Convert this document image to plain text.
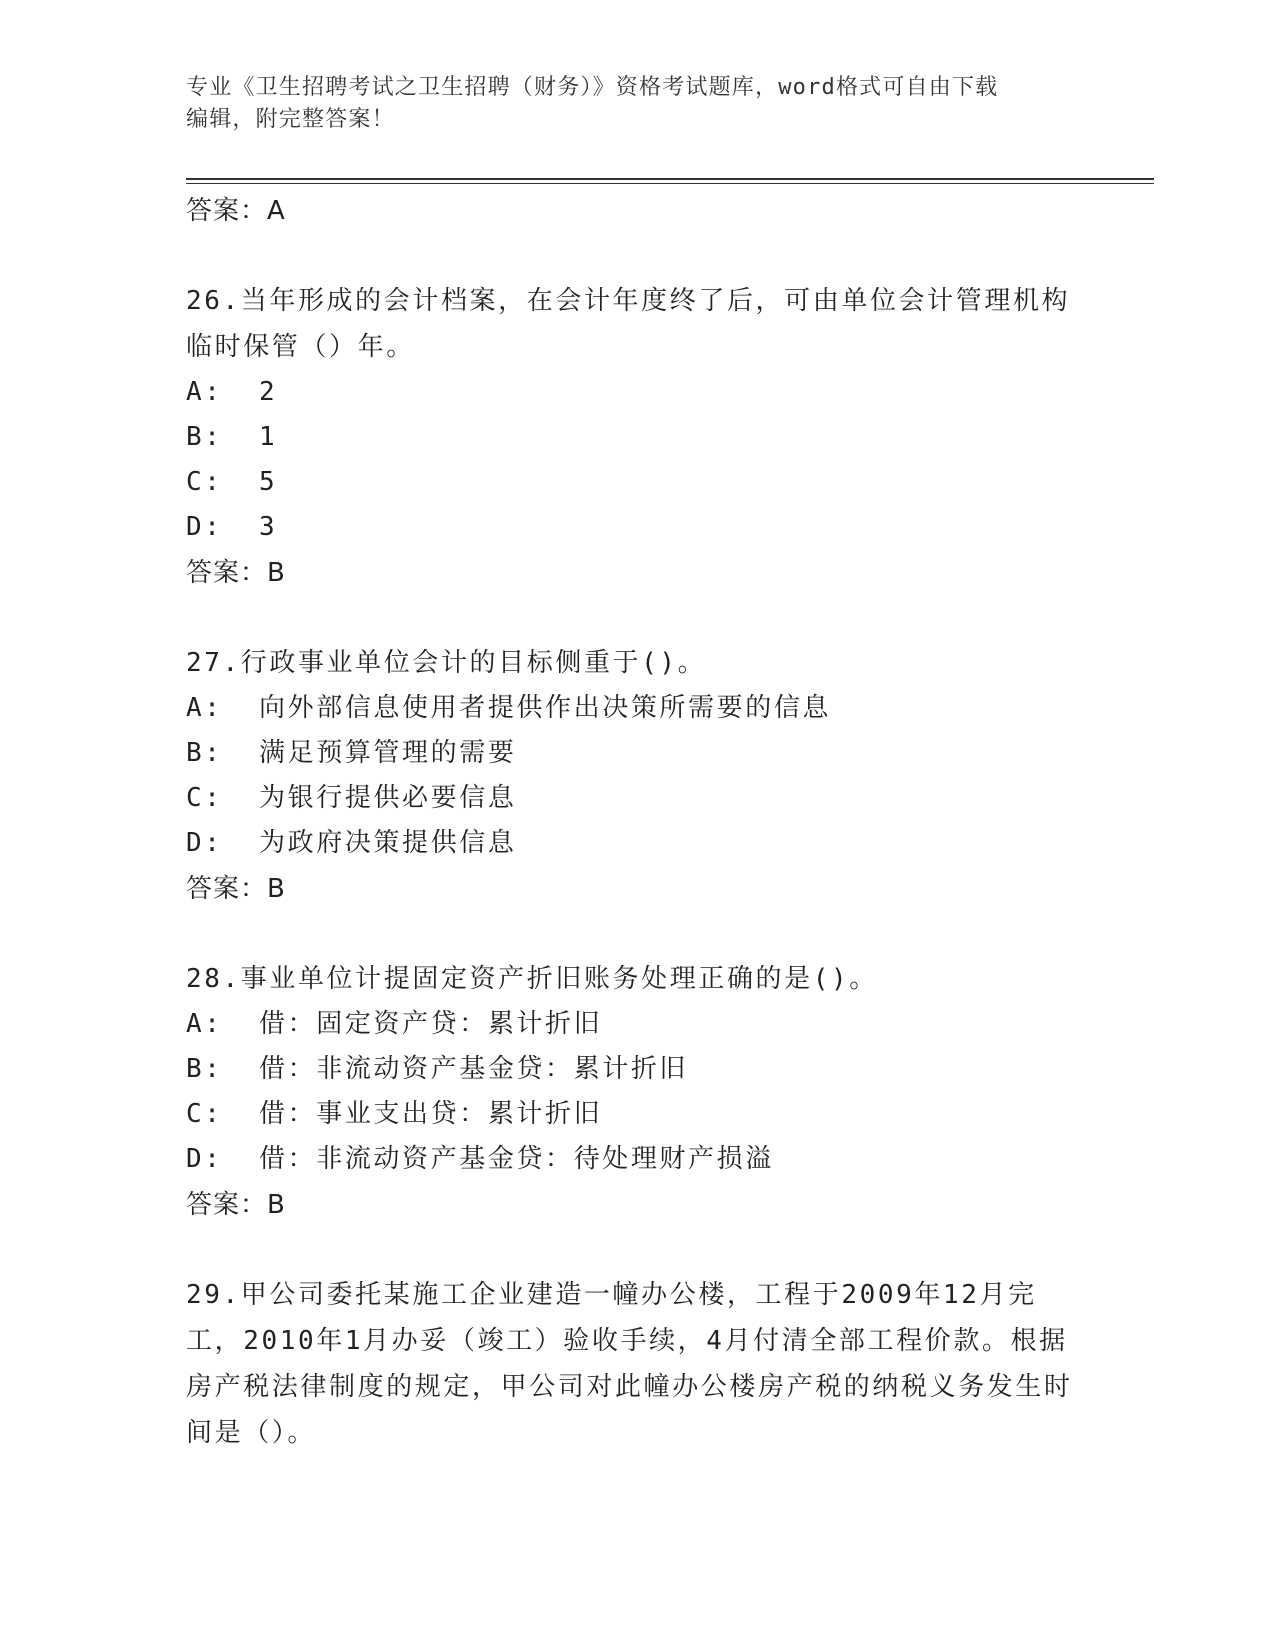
专业《卫生招聘考试之卫生招聘（财务）》资格考试题库，word格式可自由下载
编辑，附完整答案！

答案：A

26.当年形成的会计档案，在会计年度终了后，可由单位会计管理机构临时保管（）年。

A:  2

B:  1

C:  5

D:  3

答案：B

27.行政事业单位会计的目标侧重于()。

A:  向外部信息使用者提供作出决策所需要的信息

B:  满足预算管理的需要

C:  为银行提供必要信息

D:  为政府决策提供信息

答案：B

28.事业单位计提固定资产折旧账务处理正确的是()。

A:  借：固定资产贷：累计折旧

B:  借：非流动资产基金贷：累计折旧

C:  借：事业支出贷：累计折旧

D:  借：非流动资产基金贷：待处理财产损溢

答案：B

29.甲公司委托某施工企业建造一幢办公楼，工程于2009年12月完工，2010年1月办妥（竣工）验收手续，4月付清全部工程价款。根据房产税法律制度的规定，甲公司对此幢办公楼房产税的纳税义务发生时间是（）。
